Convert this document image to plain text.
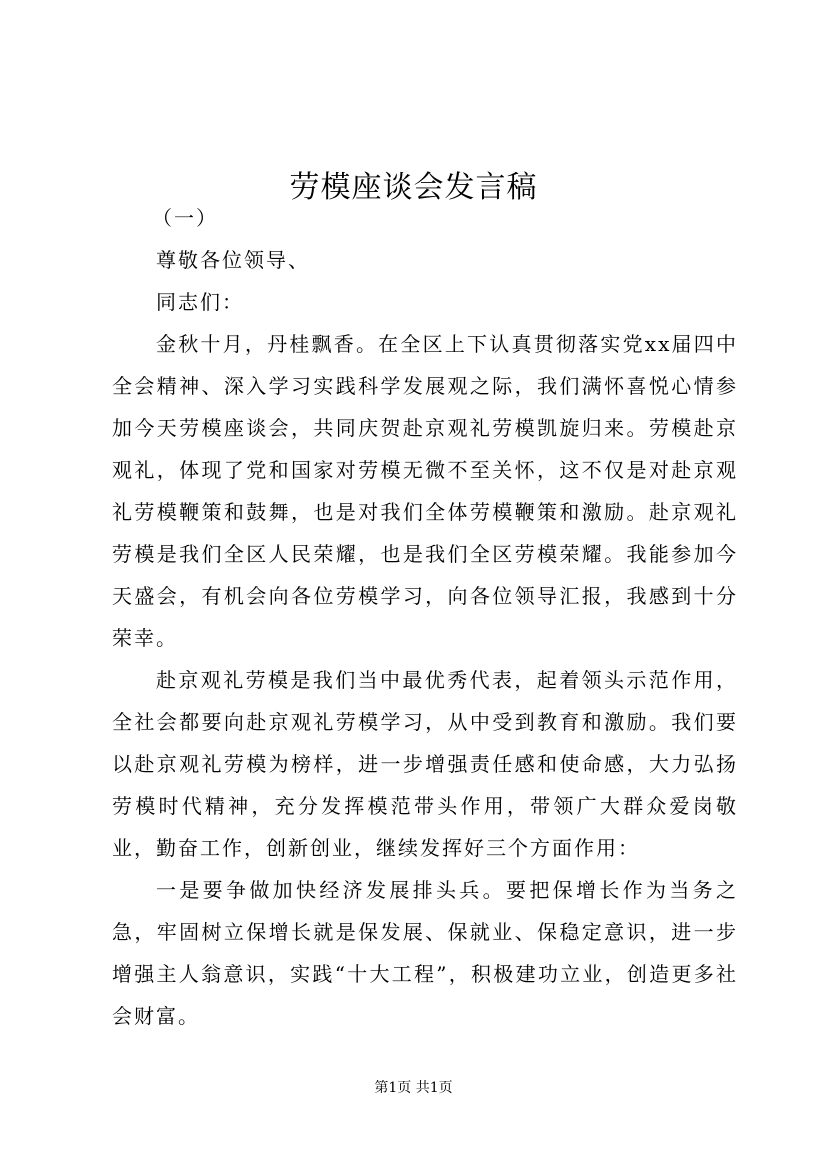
劳模座谈会发言稿

（一）

尊敬各位领导、

同志们：

金秋十月，丹桂飘香。在全区上下认真贯彻落实党xx届四中全会精神、深入学习实践科学发展观之际，我们满怀喜悦心情参加今天劳模座谈会，共同庆贺赴京观礼劳模凯旋归来。劳模赴京观礼，体现了党和国家对劳模无微不至关怀，这不仅是对赴京观礼劳模鞭策和鼓舞，也是对我们全体劳模鞭策和激励。赴京观礼劳模是我们全区人民荣耀，也是我们全区劳模荣耀。我能参加今天盛会，有机会向各位劳模学习，向各位领导汇报，我感到十分荣幸。

赴京观礼劳模是我们当中最优秀代表，起着领头示范作用，全社会都要向赴京观礼劳模学习，从中受到教育和激励。我们要以赴京观礼劳模为榜样，进一步增强责任感和使命感，大力弘扬劳模时代精神，充分发挥模范带头作用，带领广大群众爱岗敬业，勤奋工作，创新创业，继续发挥好三个方面作用：

一是要争做加快经济发展排头兵。要把保增长作为当务之急，牢固树立保增长就是保发展、保就业、保稳定意识，进一步增强主人翁意识，实践“十大工程”，积极建功立业，创造更多社会财富。

第1页 共1页
